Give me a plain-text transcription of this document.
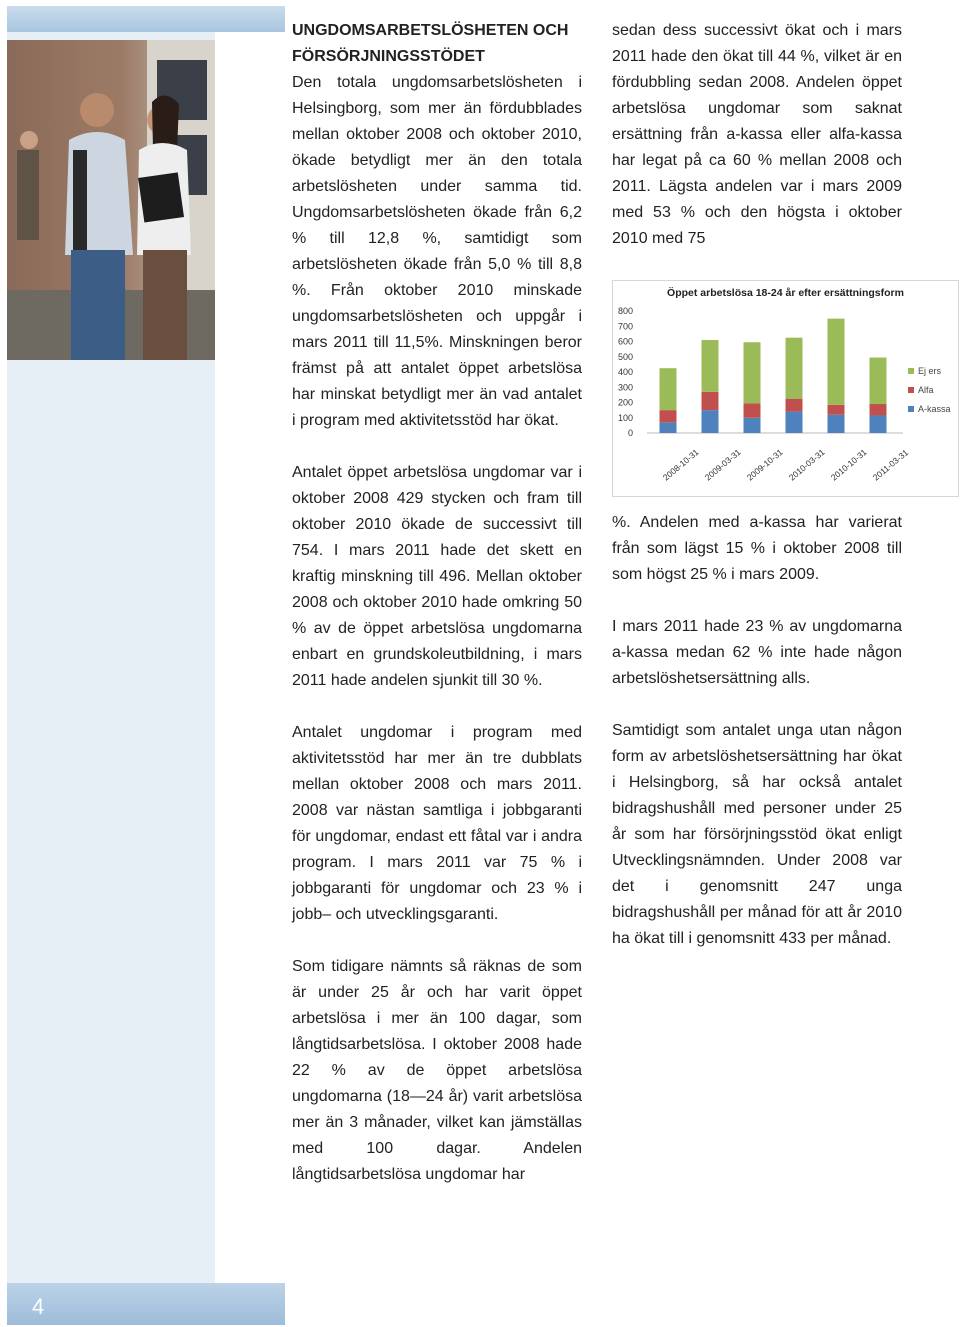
UNGDOMSARBETSLÖSHETEN OCH
FÖRSÖRJNINGSSTÖDET
Den totala ungdomsarbetslösheten i Helsingborg, som mer än fördubblades mellan oktober 2008 och oktober 2010, ökade betydligt mer än den totala arbetslösheten under samma tid. Ungdomsarbetslösheten ökade från 6,2 % till 12,8 %, samtidigt som arbetslösheten ökade från 5,0 % till 8,8 %. Från oktober 2010 minskade ungdomsarbetslösheten och uppgår i mars 2011 till 11,5%. Minskningen beror främst på att antalet öppet arbetslösa har minskat betydligt mer än vad antalet i program med aktivitetsstöd har ökat.

Antalet öppet arbetslösa ungdomar var i oktober 2008 429 stycken och fram till oktober 2010 ökade de successivt till 754. I mars 2011 hade det skett en kraftig minskning till 496. Mellan oktober 2008 och oktober 2010 hade omkring 50 % av de öppet arbetslösa ungdomarna enbart en grundskoleutbildning, i mars 2011 hade andelen sjunkit till 30 %.

Antalet ungdomar i program med aktivitetsstöd har mer än tre dubblats mellan oktober 2008 och mars 2011. 2008 var nästan samtliga i jobbgaranti för ungdomar, endast ett fåtal var i andra program. I mars 2011 var 75 % i jobbgaranti för ungdomar och 23 % i jobb– och utvecklingsgaranti.

Som tidigare nämnts så räknas de som är under 25 år och har varit öppet arbetslösa i mer än 100 dagar, som långtidsarbetslösa. I oktober 2008 hade 22 % av de öppet arbetslösa ungdomarna (18—24 år) varit arbetslösa mer än 3 månader, vilket kan jämställas med 100 dagar. Andelen långtidsarbetslösa ungdomar har

sedan dess successivt ökat och i mars 2011 hade den ökat till 44 %, vilket är en fördubbling sedan 2008. Andelen öppet arbetslösa ungdomar som saknat ersättning från a-kassa eller alfa-kassa har legat på ca 60 % mellan 2008 och 2011. Lägsta andelen var i mars 2009 med 53 % och den högsta i oktober 2010 med 75

Öppet arbetslösa 18-24 år efter ersättningsform
0
100
200
300
400
500
600
700
800
2008-10-31 2009-03-31 2009-10-31 2010-03-31 2010-10-31 2011-03-31
Ej ers
Alfa
A-kassa

%. Andelen med a-kassa har varierat från som lägst 15 % i oktober 2008 till som högst 25 % i mars 2009.

I mars 2011 hade 23 % av ungdomarna a-kassa medan 62 % inte hade någon arbetslöshetsersättning alls.

Samtidigt som antalet unga utan någon form av arbetslöshetsersättning har ökat i Helsingborg, så har också antalet bidragshushåll med personer under 25 år som har försörjningsstöd ökat enligt Utvecklingsnämnden. Under 2008 var det i genomsnitt 247 unga bidragshushåll per månad för att år 2010 ha ökat till i genomsnitt 433 per månad.

4
